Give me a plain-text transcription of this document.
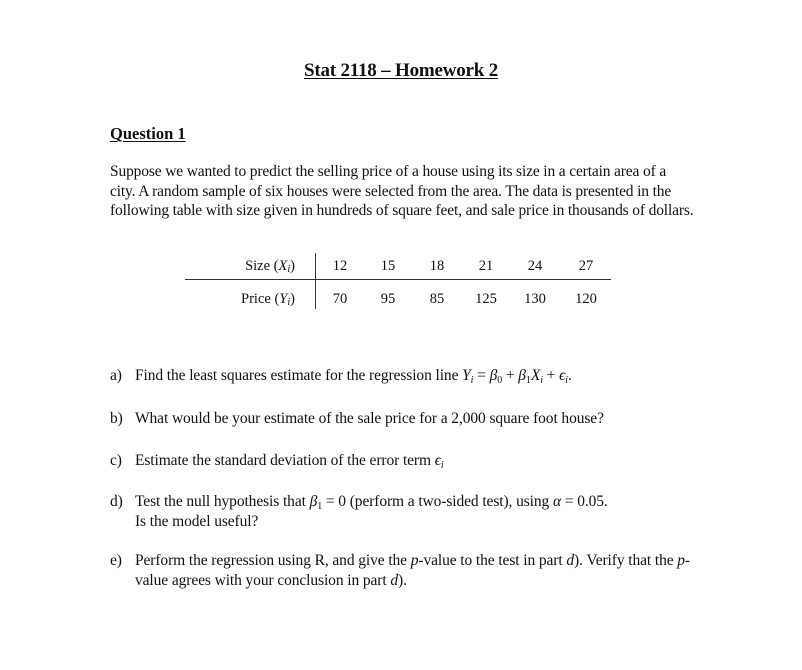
Stat 2118 – Homework 2
Question 1
Suppose we wanted to predict the selling price of a house using its size in a certain area of a city. A random sample of six houses were selected from the area. The data is presented in the following table with size given in hundreds of square feet, and sale price in thousands of dollars.
Size (Xi)	12	15	18	21	24	27
Price (Yi)	70	95	85	125	130	120
a) Find the least squares estimate for the regression line $Y_i = \beta_0 + \beta_1X_i + \epsilon_i$.
b) What would be your estimate of the sale price for a 2,000 square foot house?
c) Estimate the standard deviation of the error term $\epsilon_i$
d) Test the null hypothesis that $\beta_1 = 0$ (perform a two-sided test), using α = 0.05.
Is the model useful?
e) Perform the regression using R, and give the p-value to the test in part d). Verify that the p-value agrees with your conclusion in part d).
